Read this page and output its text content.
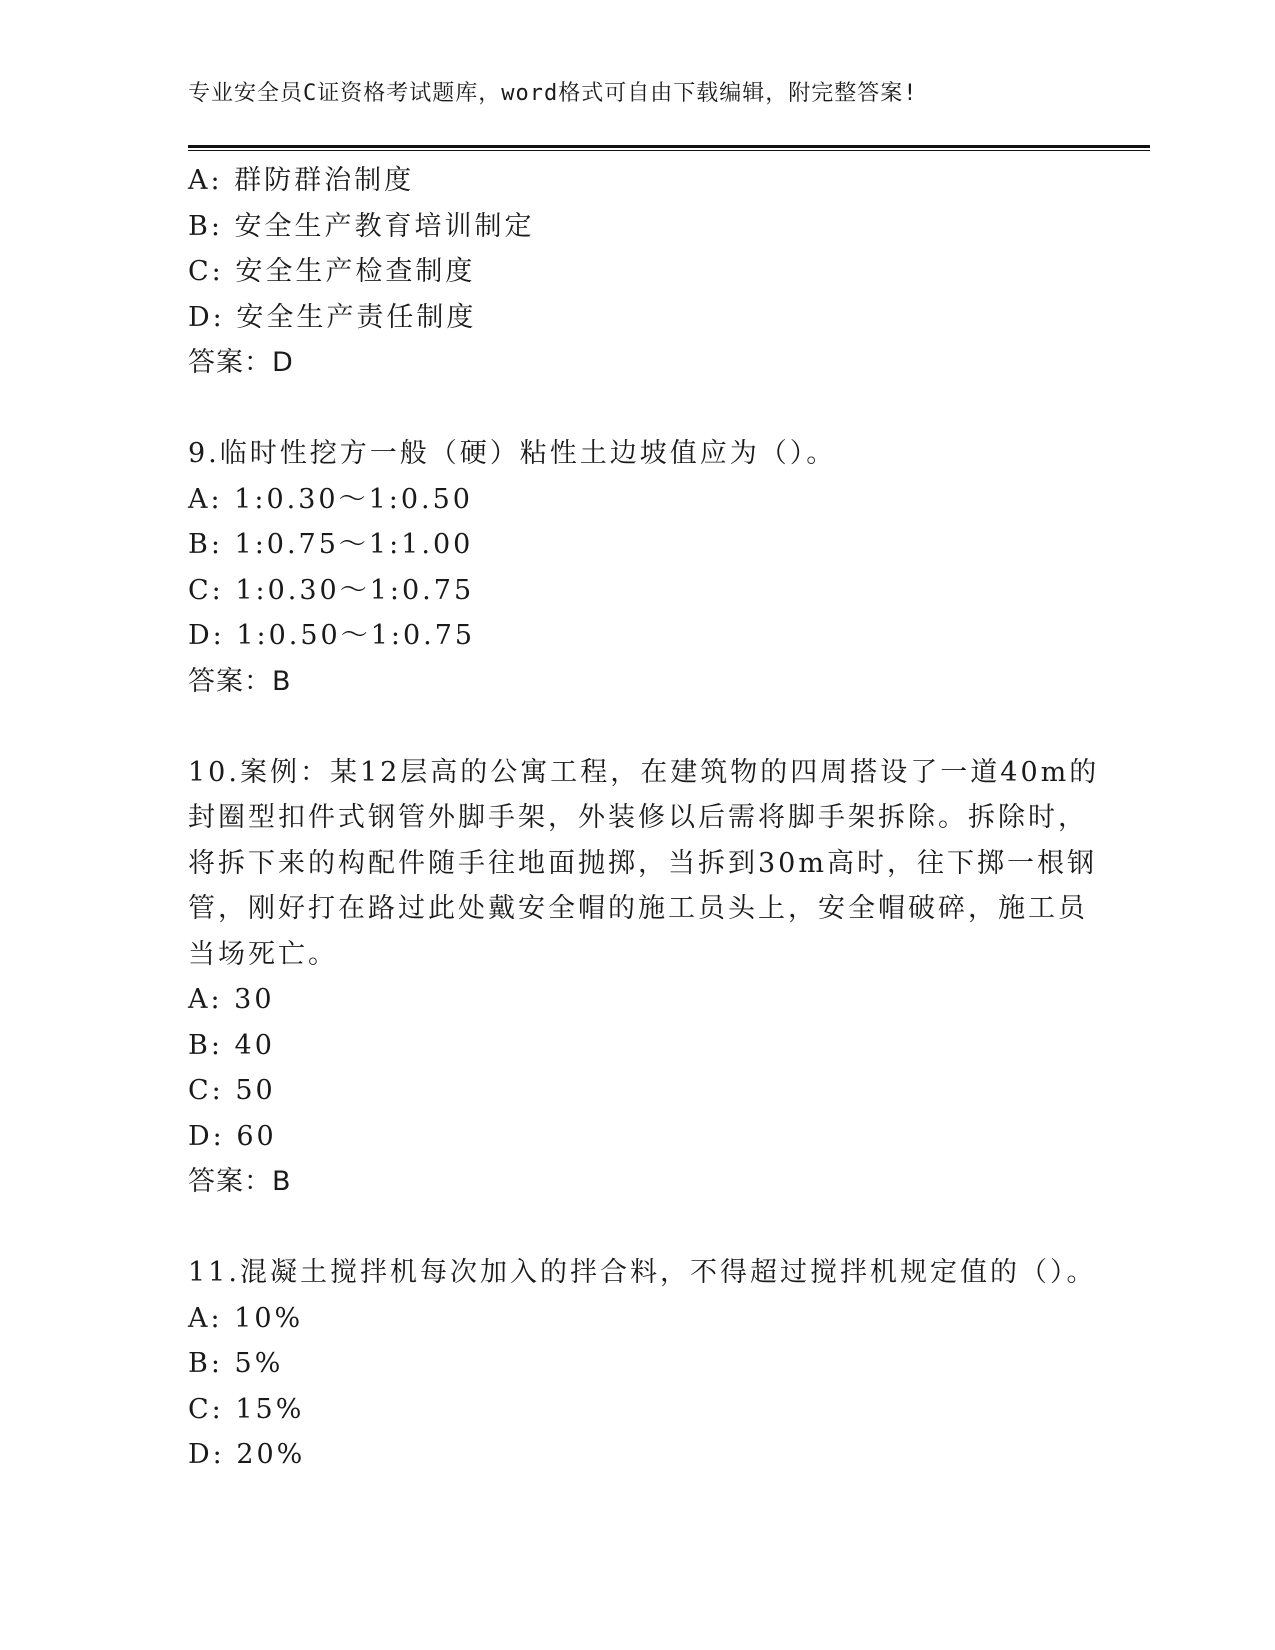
专业安全员C证资格考试题库，word格式可自由下载编辑，附完整答案!
A: 群防群治制度
B: 安全生产教育培训制定
C: 安全生产检查制度
D: 安全生产责任制度
答案：D
9.临时性挖方一般（硬）粘性土边坡值应为（）。
A: 1:0.30～1:0.50
B: 1:0.75～1:1.00
C: 1:0.30～1:0.75
D: 1:0.50～1:0.75
答案：B
10.案例：某12层高的公寓工程，在建筑物的四周搭设了一道40m的
封圈型扣件式钢管外脚手架，外装修以后需将脚手架拆除。拆除时，
将拆下来的构配件随手往地面抛掷，当拆到30m高时，往下掷一根钢
管，刚好打在路过此处戴安全帽的施工员头上，安全帽破碎，施工员
当场死亡。
A: 30
B: 40
C: 50
D: 60
答案：B
11.混凝土搅拌机每次加入的拌合料，不得超过搅拌机规定值的（）。
A: 10%
B: 5%
C: 15%
D: 20%
